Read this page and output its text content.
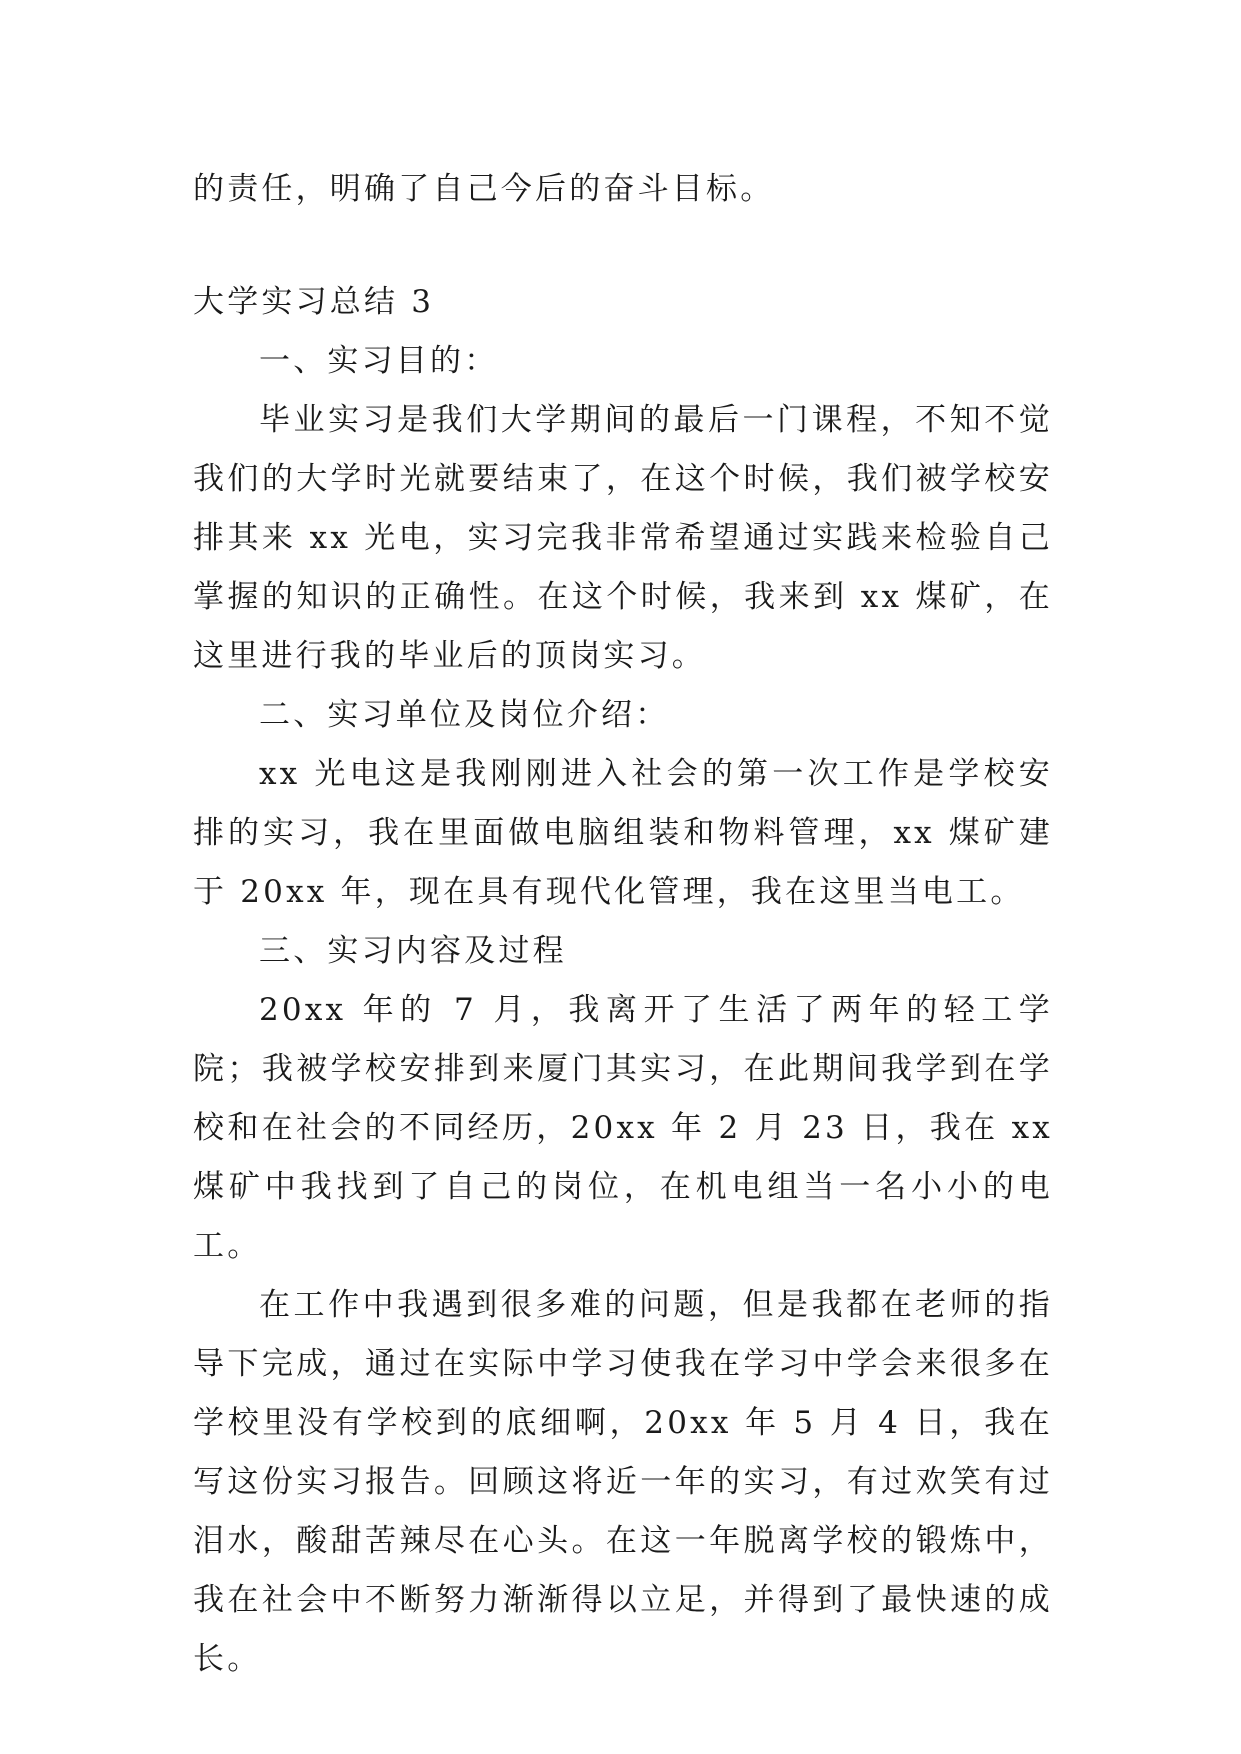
的责任，明确了自己今后的奋斗目标。

大学实习总结 3

一、实习目的：

毕业实习是我们大学期间的最后一门课程，不知不觉我们的大学时光就要结束了，在这个时候，我们被学校安排其来 xx 光电，实习完我非常希望通过实践来检验自己掌握的知识的正确性。在这个时候，我来到 xx 煤矿，在这里进行我的毕业后的顶岗实习。

二、实习单位及岗位介绍：

xx 光电这是我刚刚进入社会的第一次工作是学校安排的实习，我在里面做电脑组装和物料管理，xx 煤矿建于 20xx 年，现在具有现代化管理，我在这里当电工。

三、实习内容及过程

20xx 年的 7 月，我离开了生活了两年的轻工学院；我被学校安排到来厦门其实习，在此期间我学到在学校和在社会的不同经历，20xx 年 2 月 23 日，我在 xx 煤矿中我找到了自己的岗位，在机电组当一名小小的电工。

在工作中我遇到很多难的问题，但是我都在老师的指导下完成，通过在实际中学习使我在学习中学会来很多在学校里没有学校到的底细啊，20xx 年 5 月 4 日，我在写这份实习报告。回顾这将近一年的实习，有过欢笑有过泪水，酸甜苦辣尽在心头。在这一年脱离学校的锻炼中，我在社会中不断努力渐渐得以立足，并得到了最快速的成长。
